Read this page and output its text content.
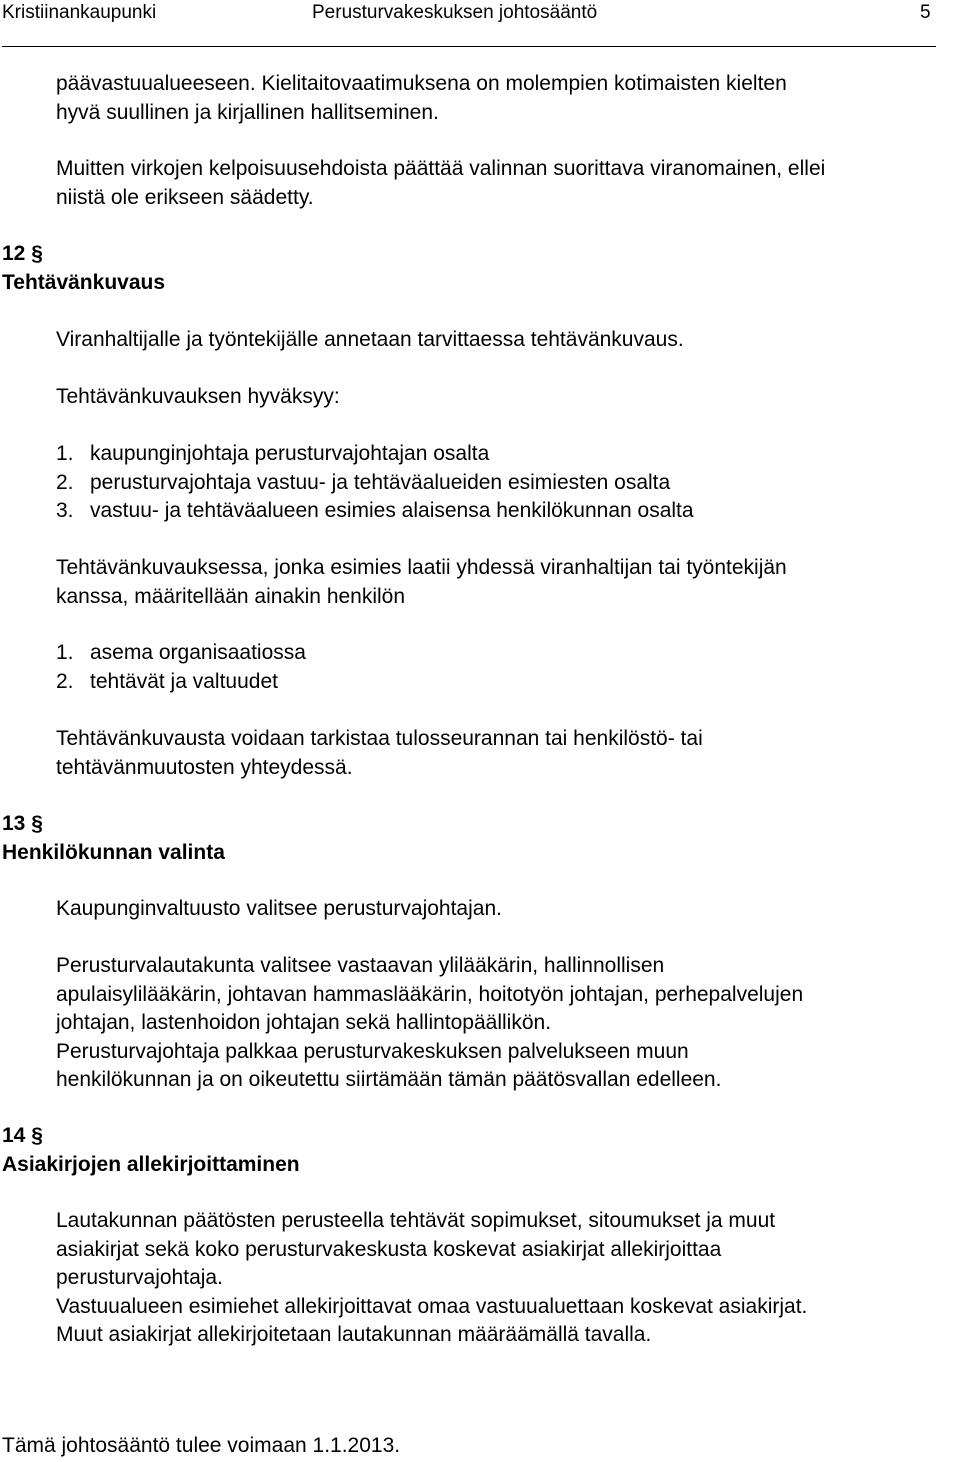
Kristiinankaupunki	Perusturvakeskuksen johtosääntö	5

päävastuualueeseen. Kielitaitovaatimuksena on molempien kotimaisten kielten

hyvä suullinen ja kirjallinen hallitseminen.

Muitten virkojen kelpoisuusehdoista päättää valinnan suorittava viranomainen, ellei

niistä ole erikseen säädetty.

12 §
Tehtävänkuvaus

Viranhaltijalle ja työntekijälle annetaan tarvittaessa tehtävänkuvaus.

Tehtävänkuvauksen hyväksyy:

1. kaupunginjohtaja perusturvajohtajan osalta
2. perusturvajohtaja vastuu- ja tehtäväalueiden esimiesten osalta
3. vastuu- ja tehtäväalueen esimies alaisensa henkilökunnan osalta

Tehtävänkuvauksessa, jonka esimies laatii yhdessä viranhaltijan tai työntekijän

kanssa, määritellään ainakin henkilön

1. asema organisaatiossa
2. tehtävät ja valtuudet

Tehtävänkuvausta voidaan tarkistaa tulosseurannan tai henkilöstö- tai

tehtävänmuutosten yhteydessä.

13 §
Henkilökunnan valinta

Kaupunginvaltuusto valitsee perusturvajohtajan.

Perusturvalautakunta valitsee vastaavan ylilääkärin, hallinnollisen

apulaisylilääkärin, johtavan hammaslääkärin, hoitotyön johtajan, perhepalvelujen

johtajan, lastenhoidon johtajan sekä hallintopäällikön.

Perusturvajohtaja palkkaa perusturvakeskuksen palvelukseen muun

henkilökunnan ja on oikeutettu siirtämään tämän päätösvallan edelleen.

14 §
Asiakirjojen allekirjoittaminen

Lautakunnan päätösten perusteella tehtävät sopimukset, sitoumukset ja muut

asiakirjat sekä koko perusturvakeskusta koskevat asiakirjat allekirjoittaa

perusturvajohtaja.

Vastuualueen esimiehet allekirjoittavat omaa vastuualuettaan koskevat asiakirjat.

Muut asiakirjat allekirjoitetaan lautakunnan määräämällä tavalla.

Tämä johtosääntö tulee voimaan 1.1.2013.
